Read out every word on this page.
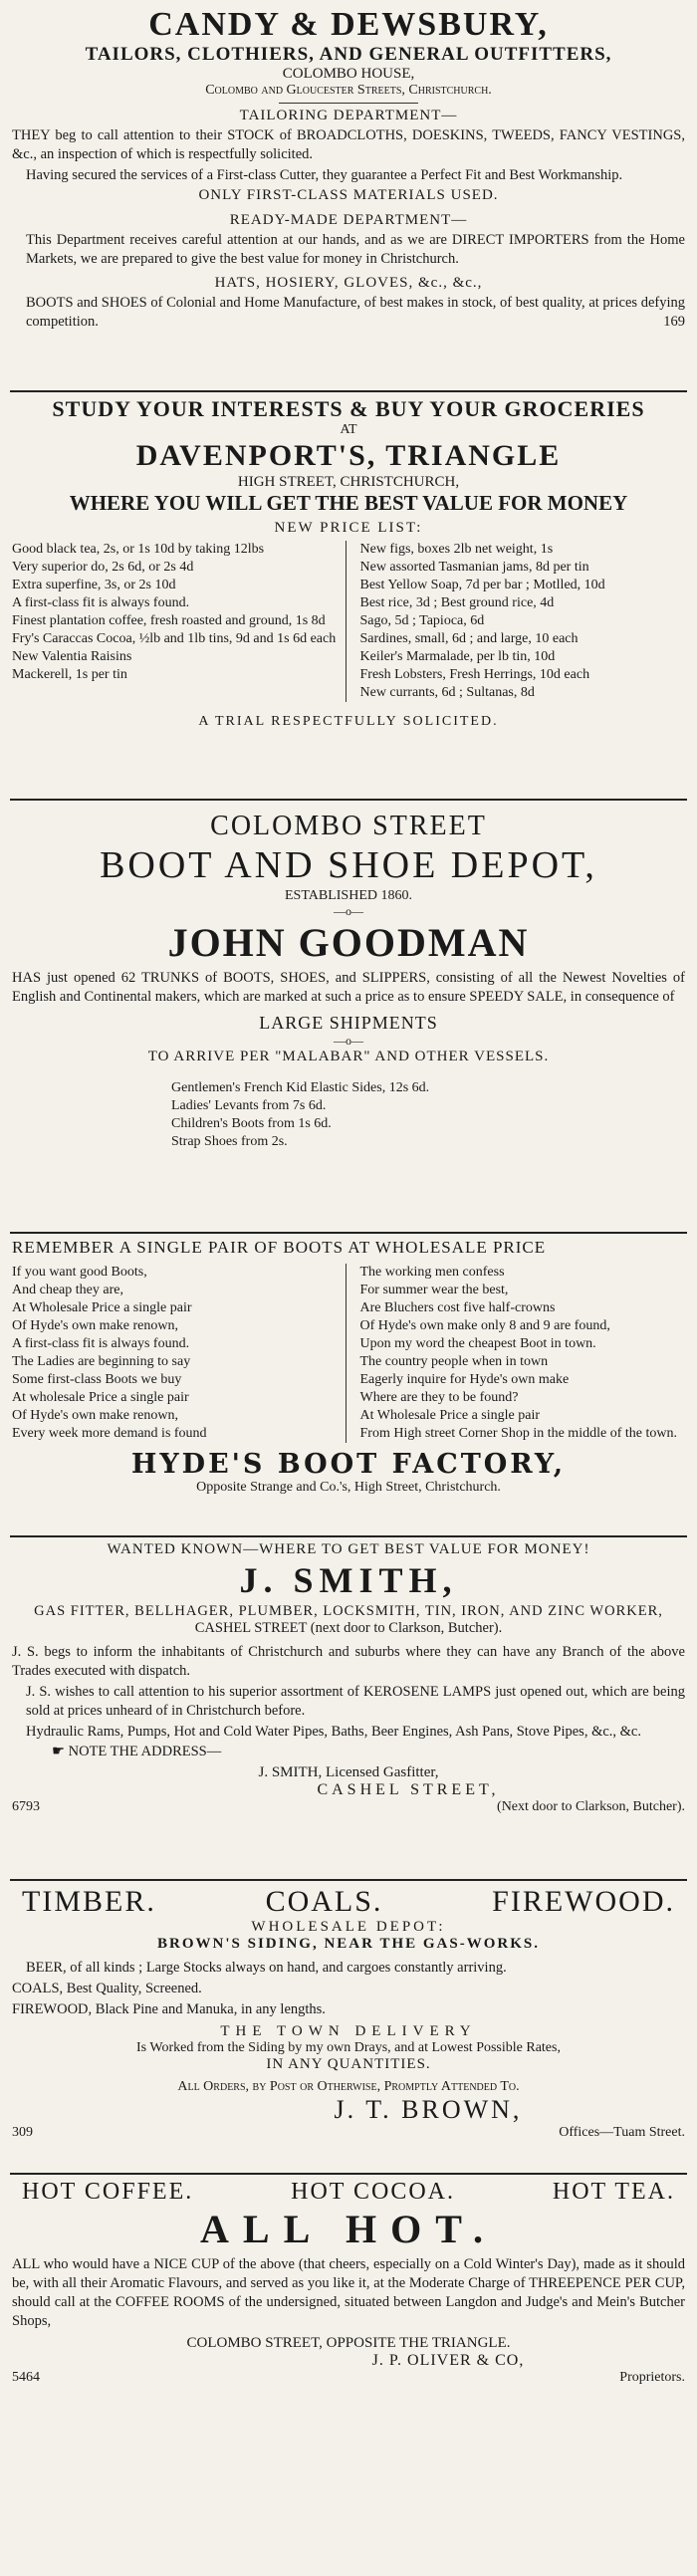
CANDY & DEWSBURY,
TAILORS, CLOTHIERS, AND GENERAL OUTFITTERS,
COLOMBO HOUSE,
Colombo and Gloucester Streets, Christchurch.
TAILORING DEPARTMENT—
THEY beg to call attention to their STOCK of BROADCLOTHS, DOESKINS, TWEEDS, FANCY VESTINGS, &c., an inspection of which is respectfully solicited.
Having secured the services of a First-class Cutter, they guarantee a Perfect Fit and Best Workmanship.
ONLY FIRST-CLASS MATERIALS USED.
READY-MADE DEPARTMENT—
This Department receives careful attention at our hands, and as we are DIRECT IMPORTERS from the Home Markets, we are prepared to give the best value for money in Christchurch.
HATS, HOSIERY, GLOVES, &c., &c.,
BOOTS and SHOES of Colonial and Home Manufacture, of best makes in stock, of best quality, at prices defying competition.	169
STUDY YOUR INTERESTS & BUY YOUR GROCERIES
AT
DAVENPORT'S, TRIANGLE
HIGH STREET, CHRISTCHURCH,
WHERE YOU WILL GET THE BEST VALUE FOR MONEY
NEW PRICE LIST:
Good black tea, 2s, or 1s 10d by taking 12lbs
Very superior do, 2s 6d, or 2s 4d
Extra superfine, 3s, or 2s 10d
A first-class fit is always found.
Finest plantation coffee, fresh roasted and ground, 1s 8d
Fry's Caraccas Cocoa, ½lb and 1lb tins, 9d and 1s 6d each
New Valentia Raisins
Mackerell, 1s per tin
New figs, boxes 2lb net weight, 1s
New assorted Tasmanian jams, 8d per tin
Best Yellow Soap, 7d per bar ; Motlled, 10d
Best rice, 3d ; Best ground rice, 4d
Sago, 5d ; Tapioca, 6d
Sardines, small, 6d ; and large, 10 each
Keiler's Marmalade, per lb tin, 10d
Fresh Lobsters, Fresh Herrings, 10d each
New currants, 6d ; Sultanas, 8d
A TRIAL RESPECTFULLY SOLICITED.
COLOMBO STREET
BOOT AND SHOE DEPOT,
ESTABLISHED 1860.
—o—
JOHN GOODMAN
HAS just opened 62 TRUNKS of BOOTS, SHOES, and SLIPPERS, consisting of all the Newest Novelties of English and Continental makers, which are marked at such a price as to ensure SPEEDY SALE, in consequence of
LARGE SHIPMENTS
—o—
TO ARRIVE PER "MALABAR" AND OTHER VESSELS.
Gentlemen's French Kid Elastic Sides, 12s 6d.
Ladies' Levants from 7s 6d.
Children's Boots from 1s 6d.
Strap Shoes from 2s.
REMEMBER A SINGLE PAIR OF BOOTS AT WHOLESALE PRICE
If you want good Boots,
And cheap they are,
At Wholesale Price a single pair
Of Hyde's own make renown,
A first-class fit is always found.
The Ladies are beginning to say
Some first-class Boots we buy
At wholesale Price a single pair
Of Hyde's own make renown,
Every week more demand is found
The working men confess
For summer wear the best,
Are Bluchers cost five half-crowns
Of Hyde's own make only 8 and 9 are found,
Upon my word the cheapest Boot in town.
The country people when in town
Eagerly inquire for Hyde's own make
Where are they to be found?
At Wholesale Price a single pair
From High street Corner Shop in the middle of the town.
HYDE'S BOOT FACTORY,
Opposite Strange and Co.'s, High Street, Christchurch.
WANTED KNOWN—WHERE TO GET BEST VALUE FOR MONEY!
J. SMITH,
GAS FITTER, BELLHAGER, PLUMBER, LOCKSMITH, TIN, IRON, AND ZINC WORKER,
CASHEL STREET (next door to Clarkson, Butcher).
J. S. begs to inform the inhabitants of Christchurch and suburbs where they can have any Branch of the above Trades executed with dispatch.
J. S. wishes to call attention to his superior assortment of KEROSENE LAMPS just opened out, which are being sold at prices unheard of in Christchurch before.
Hydraulic Rams, Pumps, Hot and Cold Water Pipes, Baths, Beer Engines, Ash Pans, Stove Pipes, &c., &c.
☛ NOTE THE ADDRESS—
J. SMITH, Licensed Gasfitter,
CASHEL STREET,
6793	(Next door to Clarkson, Butcher).
TIMBER.	COALS.	FIREWOOD.
WHOLESALE DEPOT:
BROWN'S SIDING, NEAR THE GAS-WORKS.
BEER, of all kinds ; Large Stocks always on hand, and cargoes constantly arriving.
COALS, Best Quality, Screened.
FIREWOOD, Black Pine and Manuka, in any lengths.
THE TOWN DELIVERY
Is Worked from the Siding by my own Drays, and at Lowest Possible Rates,
IN ANY QUANTITIES.
All Orders, by Post or Otherwise, Promptly Attended To.
J. T. BROWN,
309	Offices—Tuam Street.
HOT COFFEE.	HOT COCOA.	HOT TEA.
ALL HOT.
ALL who would have a NICE CUP of the above (that cheers, especially on a Cold Winter's Day), made as it should be, with all their Aromatic Flavours, and served as you like it, at the Moderate Charge of THREEPENCE PER CUP, should call at the COFFEE ROOMS of the undersigned, situated between Langdon and Judge's and Mein's Butcher Shops,
COLOMBO STREET, OPPOSITE THE TRIANGLE.
J. P. OLIVER & CO,
5464	Proprietors.
